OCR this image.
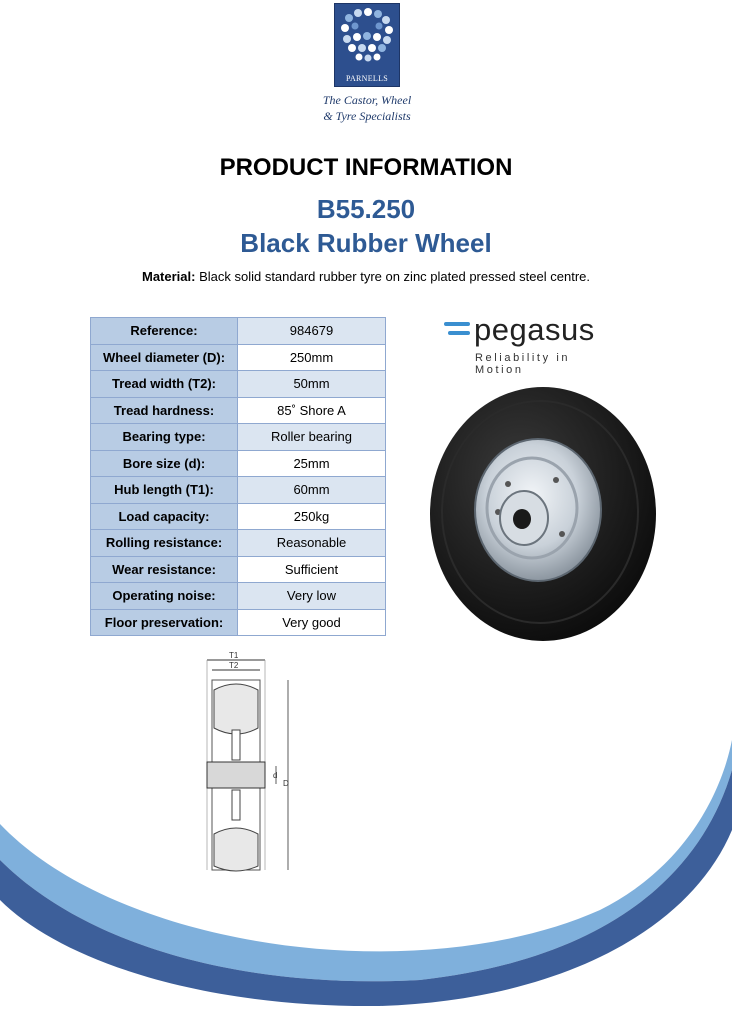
PARNELLS
The Castor, Wheel
& Tyre Specialists
PRODUCT INFORMATION
B55.250
Black Rubber Wheel
Material: Black solid standard rubber tyre on zinc plated pressed steel centre.
Reference:	984679
Wheel diameter (D):	250mm
Tread width (T2):	50mm
Tread hardness:	85˚ Shore A
Bearing type:	Roller bearing
Bore size (d):	25mm
Hub length (T1):	60mm
Load capacity:	250kg
Rolling resistance:	Reasonable
Wear resistance:	Sufficient
Operating noise:	Very low
Floor preservation:	Very good
pegasus
Reliability in Motion
T1
T2
d
D
